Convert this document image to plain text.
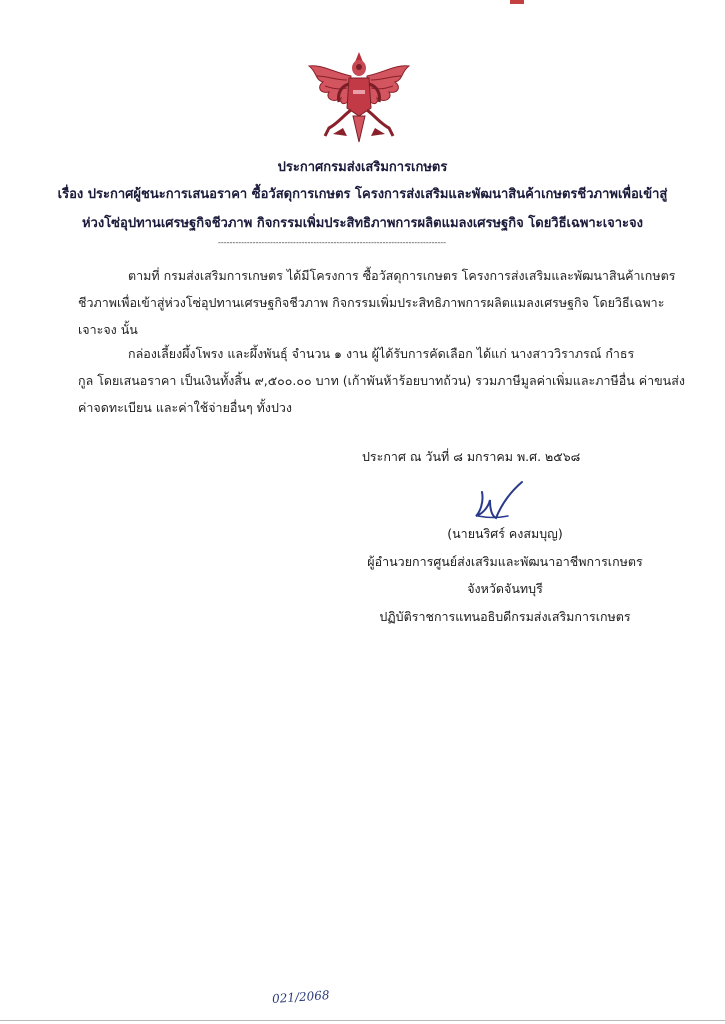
ประกาศกรมส่งเสริมการเกษตร
เรื่อง ประกาศผู้ชนะการเสนอราคา ซื้อวัสดุการเกษตร โครงการส่งเสริมและพัฒนาสินค้าเกษตรชีวภาพเพื่อเข้าสู่
ห่วงโซ่อุปทานเศรษฐกิจชีวภาพ กิจกรรมเพิ่มประสิทธิภาพการผลิตแมลงเศรษฐกิจ โดยวิธีเฉพาะเจาะจง
-------------------------------------------------------------------------------
ตามที่ กรมส่งเสริมการเกษตร ได้มีโครงการ ซื้อวัสดุการเกษตร โครงการส่งเสริมและพัฒนาสินค้าเกษตร
ชีวภาพเพื่อเข้าสู่ห่วงโซ่อุปทานเศรษฐกิจชีวภาพ กิจกรรมเพิ่มประสิทธิภาพการผลิตแมลงเศรษฐกิจ โดยวิธีเฉพาะ
เจาะจง นั้น
กล่องเลี้ยงผึ้งโพรง และผึ้งพันธุ์ จำนวน ๑ งาน ผู้ได้รับการคัดเลือก ได้แก่ นางสาววิราภรณ์ กำธร
กูล โดยเสนอราคา เป็นเงินทั้งสิ้น ๙,๕๐๐.๐๐ บาท (เก้าพันห้าร้อยบาทถ้วน) รวมภาษีมูลค่าเพิ่มและภาษีอื่น ค่าขนส่ง
ค่าจดทะเบียน และค่าใช้จ่ายอื่นๆ ทั้งปวง
ประกาศ ณ วันที่ ๘ มกราคม พ.ศ. ๒๕๖๘
(นายนริศร์ คงสมบุญ)
ผู้อำนวยการศูนย์ส่งเสริมและพัฒนาอาชีพการเกษตร
จังหวัดจันทบุรี
ปฏิบัติราชการแทนอธิบดีกรมส่งเสริมการเกษตร
021/2068
